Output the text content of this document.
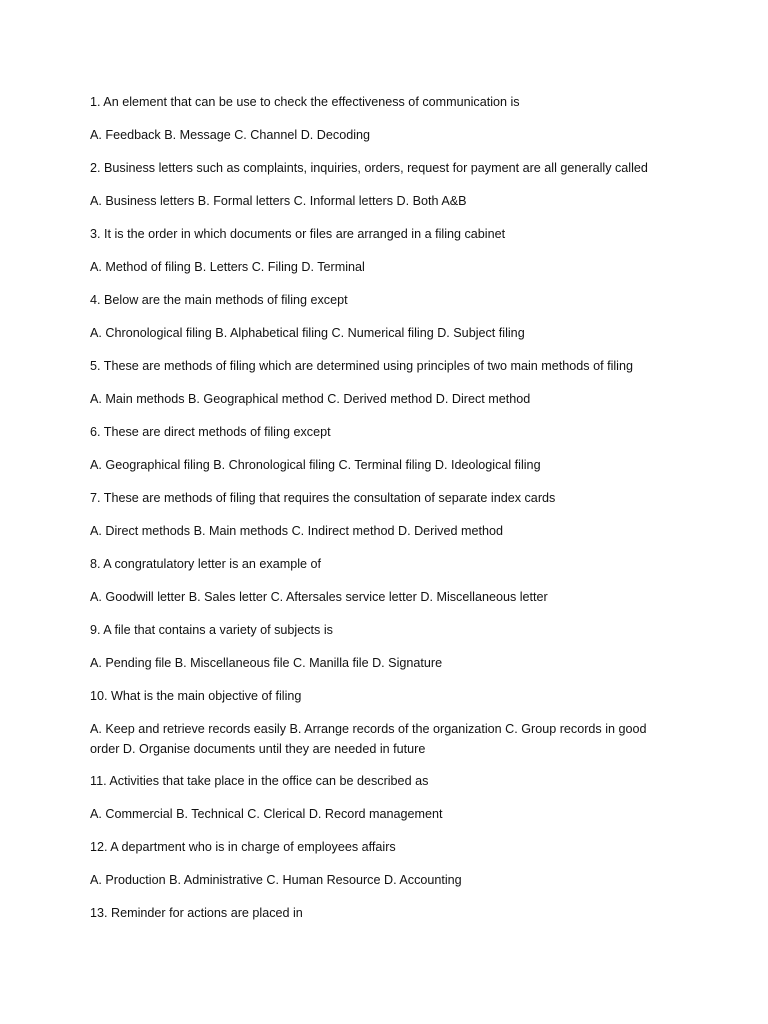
1. An element that can be use to check the effectiveness of communication is
A. Feedback B. Message C. Channel D. Decoding
2. Business letters such as complaints, inquiries, orders, request for payment are all generally called
A. Business letters B. Formal letters C. Informal letters D. Both A&B
3. It is the order in which documents or files are arranged in a filing cabinet
A. Method of filing B. Letters C. Filing D. Terminal
4. Below are the main methods of filing except
A. Chronological filing B. Alphabetical filing C. Numerical filing D. Subject filing
5. These are methods of filing which are determined using principles of two main methods of filing
A. Main methods B. Geographical method C. Derived method D. Direct method
6. These are direct methods of filing except
A. Geographical filing B. Chronological filing C. Terminal filing D. Ideological filing
7. These are methods of filing that requires the consultation of separate index cards
A. Direct methods B. Main methods C. Indirect method D. Derived method
8. A congratulatory letter is an example of
A. Goodwill letter B. Sales letter C. Aftersales service letter D. Miscellaneous letter
9. A file that contains a variety of subjects is
A. Pending file B. Miscellaneous file C. Manilla file D. Signature
10. What is the main objective of filing
A. Keep and retrieve records easily B. Arrange records of the organization C. Group records in good order D. Organise documents until they are needed in future
11. Activities that take place in the office can be described as
A. Commercial B. Technical C. Clerical D. Record management
12. A department who is in charge of employees affairs
A. Production B. Administrative C. Human Resource D. Accounting
13. Reminder for actions are placed in
